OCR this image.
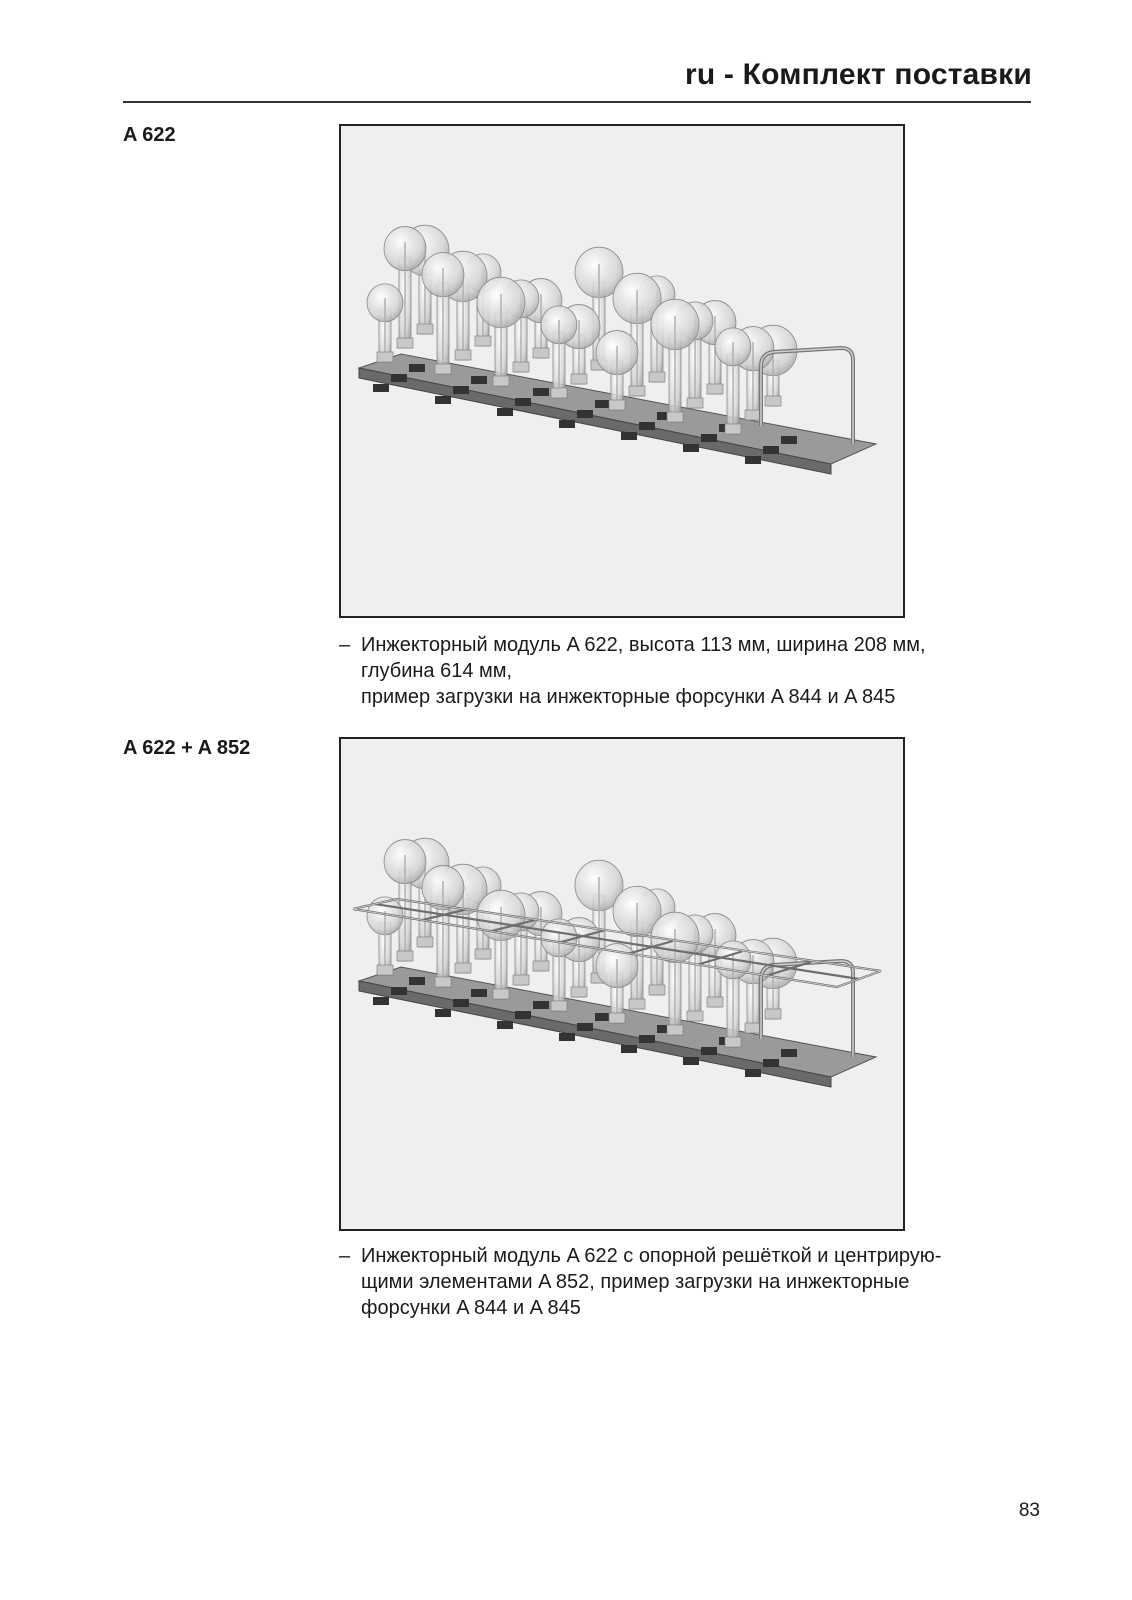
ru - Комплект поставки
A 622
– Инжекторный модуль A 622, высота 113 мм, ширина 208 мм,
глубина 614 мм,
пример загрузки на инжекторные форсунки A 844 и A 845
A 622 + A 852
– Инжекторный модуль A 622 с опорной решёткой и центрирую-
щими элементами A 852, пример загрузки на инжекторные
форсунки A 844 и A 845
83
